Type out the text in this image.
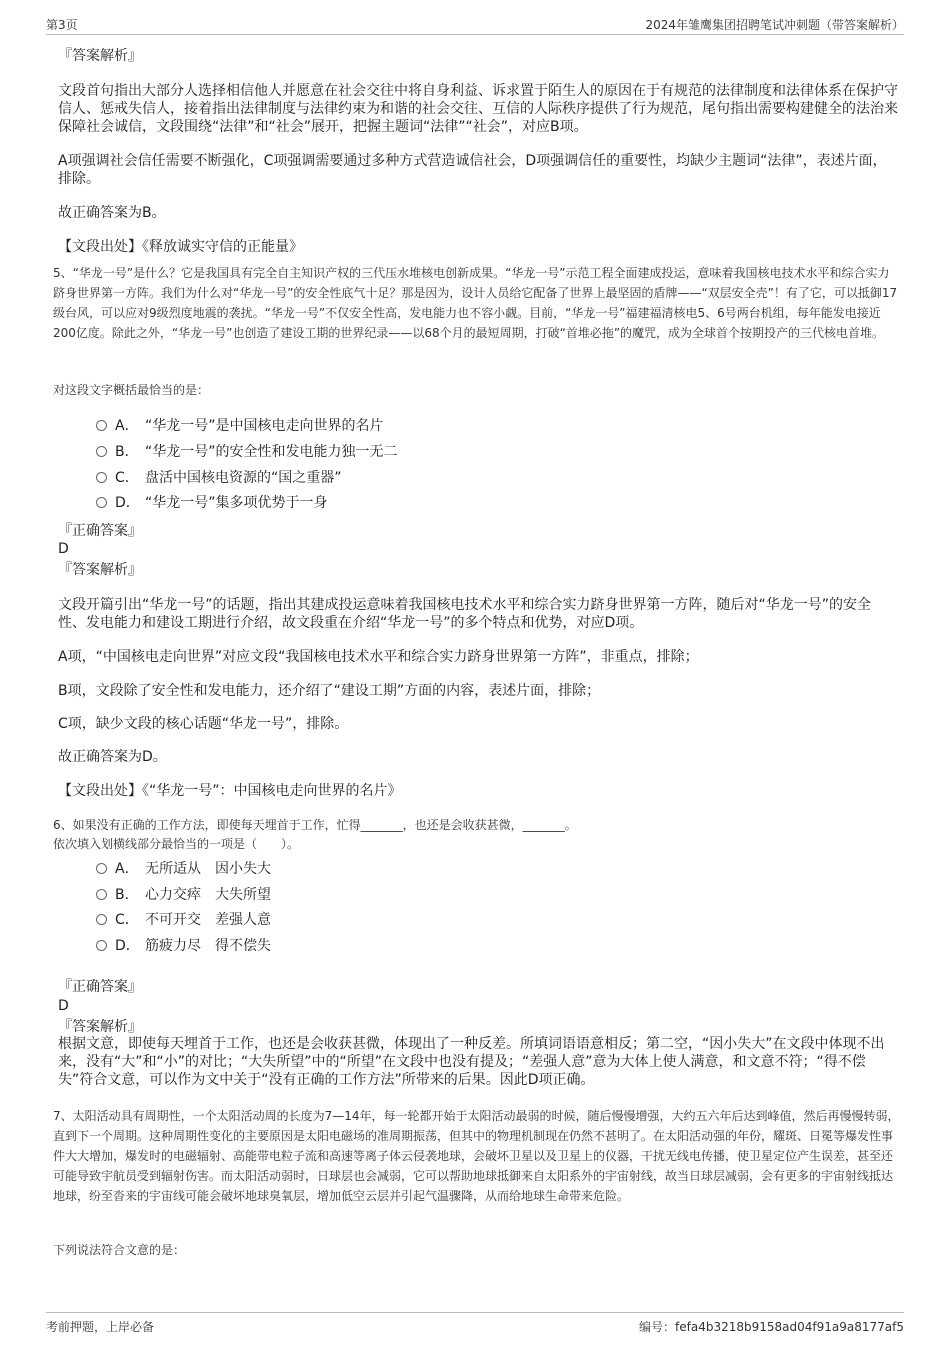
第3页	2024年雏鹰集团招聘笔试冲刺题（带答案解析）
『答案解析』

文段首句指出大部分人选择相信他人并愿意在社会交往中将自身利益、诉求置于陌生人的原因在于有规范的法律制度和法律体系在保护守信人、惩戒失信人，接着指出法律制度与法律约束为和谐的社会交往、互信的人际秩序提供了行为规范，尾句指出需要构建健全的法治来保障社会诚信，文段围绕“法律”和“社会”展开，把握主题词“法律”“社会”，对应B项。

A项强调社会信任需要不断强化，C项强调需要通过多种方式营造诚信社会，D项强调信任的重要性，均缺少主题词“法律”，表述片面，排除。

故正确答案为B。

【文段出处】《释放诚实守信的正能量》

5、“华龙一号”是什么？它是我国具有完全自主知识产权的三代压水堆核电创新成果。“华龙一号”示范工程全面建成投运，意味着我国核电技术水平和综合实力跻身世界第一方阵。我们为什么对“华龙一号”的安全性底气十足？那是因为，设计人员给它配备了世界上最坚固的盾牌——“双层安全壳”！有了它，可以抵御17级台风，可以应对9级烈度地震的袭扰。“华龙一号”不仅安全性高，发电能力也不容小觑。目前，“华龙一号”福建福清核电5、6号两台机组，每年能发电接近200亿度。除此之外，“华龙一号”也创造了建设工期的世界纪录——以68个月的最短周期，打破“首堆必拖”的魔咒，成为全球首个按期投产的三代核电首堆。

对这段文字概括最恰当的是：

A． “华龙一号”是中国核电走向世界的名片
B． “华龙一号”的安全性和发电能力独一无二
C． 盘活中国核电资源的“国之重器”
D． “华龙一号”集多项优势于一身
『正确答案』
D
『答案解析』

文段开篇引出“华龙一号”的话题，指出其建成投运意味着我国核电技术水平和综合实力跻身世界第一方阵，随后对“华龙一号”的安全性、发电能力和建设工期进行介绍，故文段重在介绍“华龙一号”的多个特点和优势，对应D项。

A项，“中国核电走向世界”对应文段“我国核电技术水平和综合实力跻身世界第一方阵”，非重点，排除；

B项，文段除了安全性和发电能力，还介绍了“建设工期”方面的内容，表述片面，排除；

C项，缺少文段的核心话题“华龙一号”，排除。

故正确答案为D。

【文段出处】《“华龙一号”：中国核电走向世界的名片》

6、如果没有正确的工作方法，即使每天埋首于工作，忙得_______，也还是会收获甚微，_______。

依次填入划横线部分最恰当的一项是（　　）。

A． 无所适从　因小失大
B． 心力交瘁　大失所望
C． 不可开交　差强人意
D． 筋疲力尽　得不偿失
『正确答案』
D
『答案解析』

根据文意，即使每天埋首于工作，也还是会收获甚微，体现出了一种反差。所填词语语意相反；第二空，“因小失大”在文段中体现不出来，没有“大”和“小”的对比；“大失所望”中的“所望”在文段中也没有提及；“差强人意”意为大体上使人满意，和文意不符；“得不偿失”符合文意，可以作为文中关于“没有正确的工作方法”所带来的后果。因此D项正确。

7、太阳活动具有周期性，一个太阳活动周的长度为7—14年，每一轮都开始于太阳活动最弱的时候，随后慢慢增强，大约五六年后达到峰值，然后再慢慢转弱，直到下一个周期。这种周期性变化的主要原因是太阳电磁场的准周期振荡，但其中的物理机制现在仍然不甚明了。在太阳活动强的年份，耀斑、日冕等爆发性事件大大增加，爆发时的电磁辐射、高能带电粒子流和高速等离子体云侵袭地球，会破坏卫星以及卫星上的仪器，干扰无线电传播，使卫星定位产生误差，甚至还可能导致宇航员受到辐射伤害。而太阳活动弱时，日球层也会减弱，它可以帮助地球抵御来自太阳系外的宇宙射线，故当日球层减弱，会有更多的宇宙射线抵达地球，纷至沓来的宇宙线可能会破坏地球臭氧层，增加低空云层并引起气温骤降，从而给地球生命带来危险。

下列说法符合文意的是：

考前押题，上岸必备	编号：fefa4b3218b9158ad04f91a9a8177af5
